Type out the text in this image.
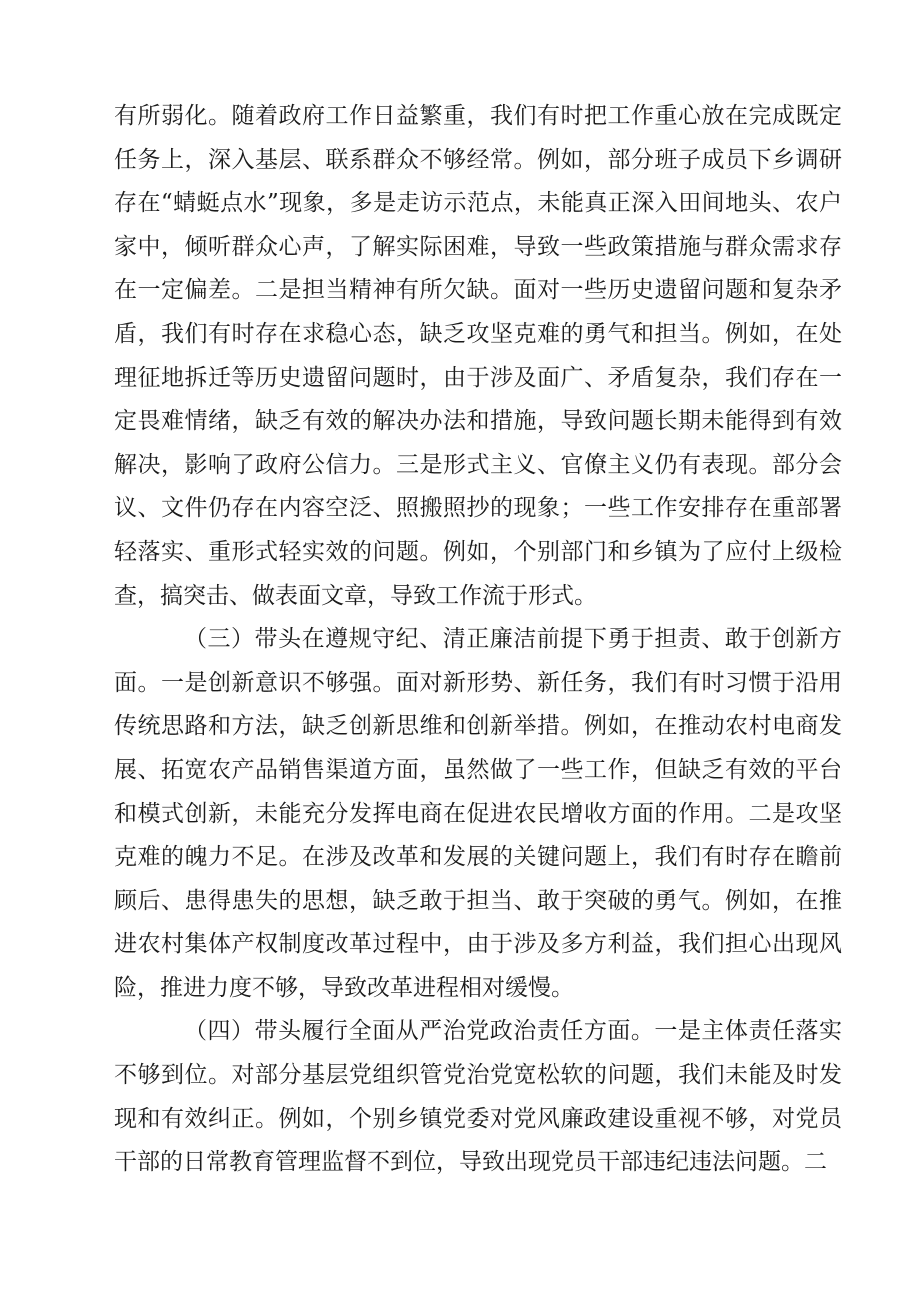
有所弱化。随着政府工作日益繁重，我们有时把工作重心放在完成既定任务上，深入基层、联系群众不够经常。例如，部分班子成员下乡调研存在“蜻蜓点水”现象，多是走访示范点，未能真正深入田间地头、农户家中，倾听群众心声，了解实际困难，导致一些政策措施与群众需求存在一定偏差。二是担当精神有所欠缺。面对一些历史遗留问题和复杂矛盾，我们有时存在求稳心态，缺乏攻坚克难的勇气和担当。例如，在处理征地拆迁等历史遗留问题时，由于涉及面广、矛盾复杂，我们存在一定畏难情绪，缺乏有效的解决办法和措施，导致问题长期未能得到有效解决，影响了政府公信力。三是形式主义、官僚主义仍有表现。部分会议、文件仍存在内容空泛、照搬照抄的现象；一些工作安排存在重部署轻落实、重形式轻实效的问题。例如，个别部门和乡镇为了应付上级检查，搞突击、做表面文章，导致工作流于形式。

（三）带头在遵规守纪、清正廉洁前提下勇于担责、敢于创新方面。一是创新意识不够强。面对新形势、新任务，我们有时习惯于沿用传统思路和方法，缺乏创新思维和创新举措。例如，在推动农村电商发展、拓宽农产品销售渠道方面，虽然做了一些工作，但缺乏有效的平台和模式创新，未能充分发挥电商在促进农民增收方面的作用。二是攻坚克难的魄力不足。在涉及改革和发展的关键问题上，我们有时存在瞻前顾后、患得患失的思想，缺乏敢于担当、敢于突破的勇气。例如，在推进农村集体产权制度改革过程中，由于涉及多方利益，我们担心出现风险，推进力度不够，导致改革进程相对缓慢。

（四）带头履行全面从严治党政治责任方面。一是主体责任落实不够到位。对部分基层党组织管党治党宽松软的问题，我们未能及时发现和有效纠正。例如，个别乡镇党委对党风廉政建设重视不够，对党员干部的日常教育管理监督不到位，导致出现党员干部违纪违法问题。二
